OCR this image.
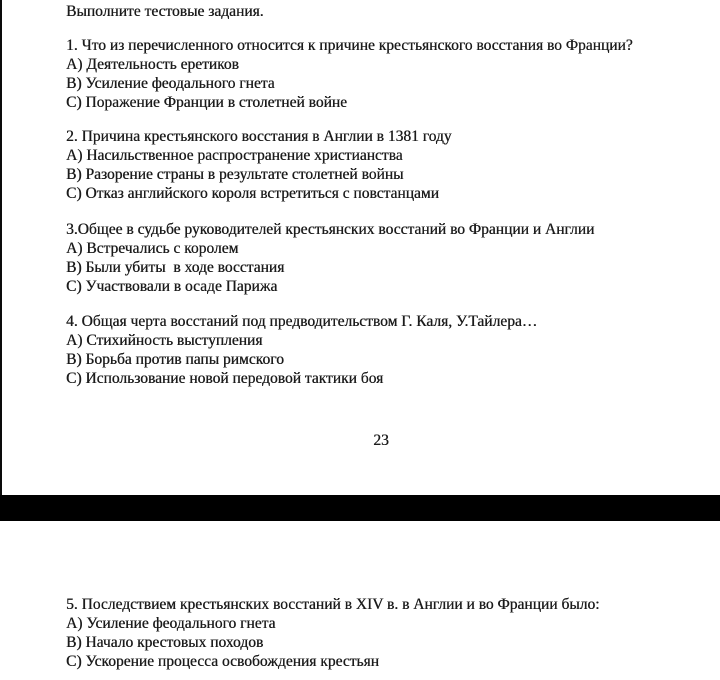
Выполните тестовые задания.
1. Что из перечисленного относится к причине крестьянского восстания во Франции?
А) Деятельность еретиков
В) Усиление феодального гнета
С) Поражение Франции в столетней войне
2. Причина крестьянского восстания в Англии в 1381 году
А) Насильственное распространение христианства
В) Разорение страны в результате столетней войны
С) Отказ английского короля встретиться с повстанцами
3.Общее в судьбе руководителей крестьянских восстаний во Франции и Англии
А) Встречались с королем
В) Были убиты  в ходе восстания
С) Участвовали в осаде Парижа
4. Общая черта восстаний под предводительством Г. Каля, У.Тайлера…
А) Стихийность выступления
В) Борьба против папы римского
С) Использование новой передовой тактики боя
23
5. Последствием крестьянских восстаний в XIV в. в Англии и во Франции было:
А) Усиление феодального гнета
В) Начало крестовых походов
С) Ускорение процесса освобождения крестьян
